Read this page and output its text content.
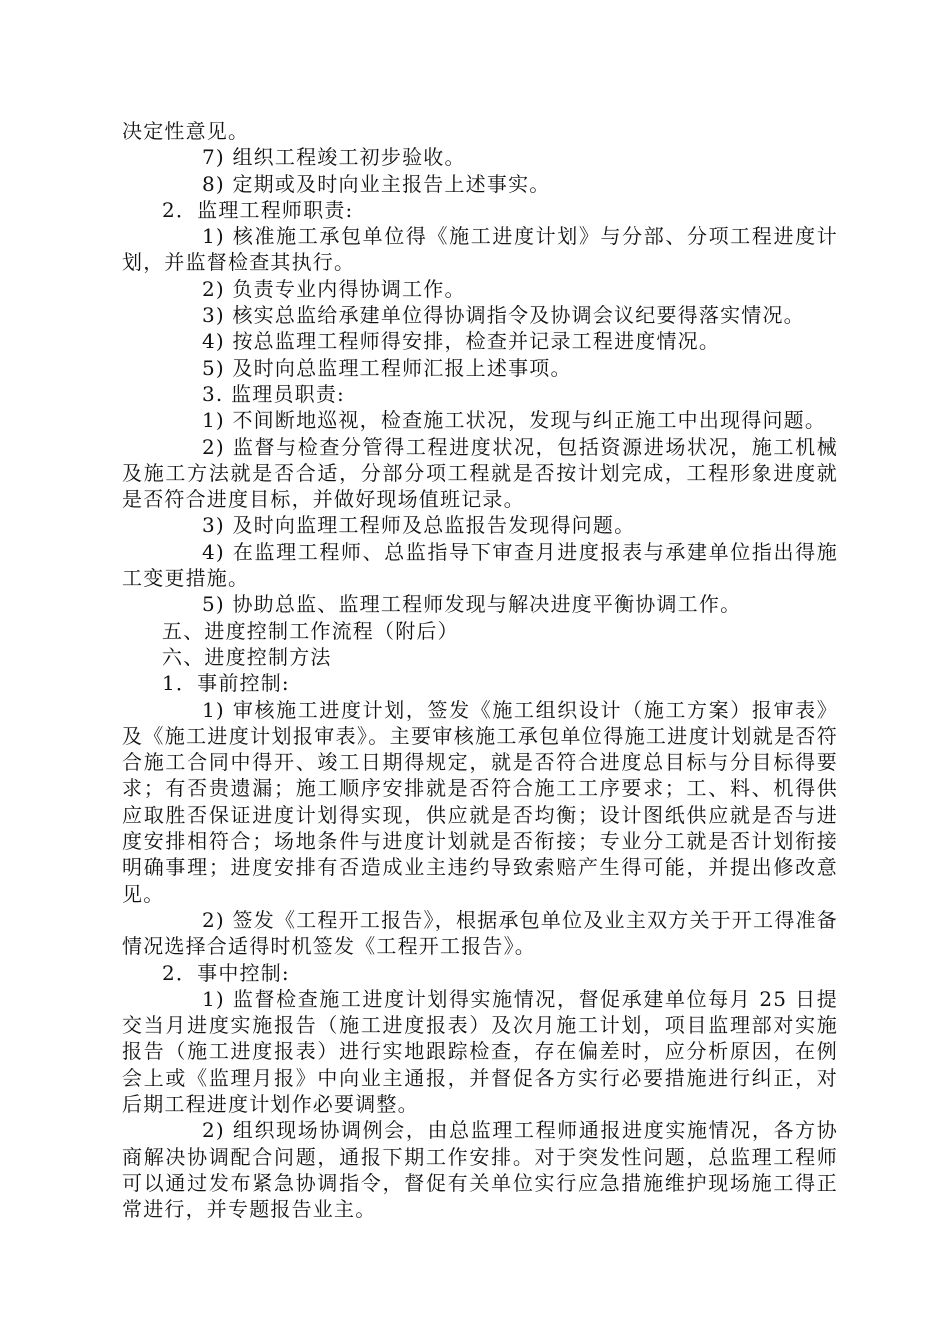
决定性意见。

7) 组织工程竣工初步验收。

8) 定期或及时向业主报告上述事实。

2．监理工程师职责:

1) 核准施工承包单位得《施工进度计划》与分部、分项工程进度计划，并监督检查其执行。

2) 负责专业内得协调工作。

3) 核实总监给承建单位得协调指令及协调会议纪要得落实情况。

4) 按总监理工程师得安排，检查并记录工程进度情况。

5) 及时向总监理工程师汇报上述事项。

3. 监理员职责:

1) 不间断地巡视，检查施工状况，发现与纠正施工中出现得问题。

2) 监督与检查分管得工程进度状况，包括资源进场状况，施工机械及施工方法就是否合适，分部分项工程就是否按计划完成，工程形象进度就是否符合进度目标，并做好现场值班记录。

3) 及时向监理工程师及总监报告发现得问题。

4) 在监理工程师、总监指导下审查月进度报表与承建单位指出得施工变更措施。

5) 协助总监、监理工程师发现与解决进度平衡协调工作。

五、进度控制工作流程（附后）

六、进度控制方法

1．事前控制:

1) 审核施工进度计划，签发《施工组织设计（施工方案）报审表》及《施工进度计划报审表》。主要审核施工承包单位得施工进度计划就是否符合施工合同中得开、竣工日期得规定，就是否符合进度总目标与分目标得要求；有否贵遗漏；施工顺序安排就是否符合施工工序要求；工、料、机得供应取胜否保证进度计划得实现，供应就是否均衡；设计图纸供应就是否与进度安排相符合；场地条件与进度计划就是否衔接；专业分工就是否计划衔接明确事理；进度安排有否造成业主违约导致索赔产生得可能，并提出修改意见。

2) 签发《工程开工报告》，根据承包单位及业主双方关于开工得准备情况选择合适得时机签发《工程开工报告》。

2．事中控制:

1) 监督检查施工进度计划得实施情况，督促承建单位每月 25 日提交当月进度实施报告（施工进度报表）及次月施工计划，项目监理部对实施报告（施工进度报表）进行实地跟踪检查，存在偏差时，应分析原因，在例会上或《监理月报》中向业主通报，并督促各方实行必要措施进行纠正，对后期工程进度计划作必要调整。

2) 组织现场协调例会，由总监理工程师通报进度实施情况，各方协商解决协调配合问题，通报下期工作安排。对于突发性问题，总监理工程师可以通过发布紧急协调指令，督促有关单位实行应急措施维护现场施工得正常进行，并专题报告业主。
